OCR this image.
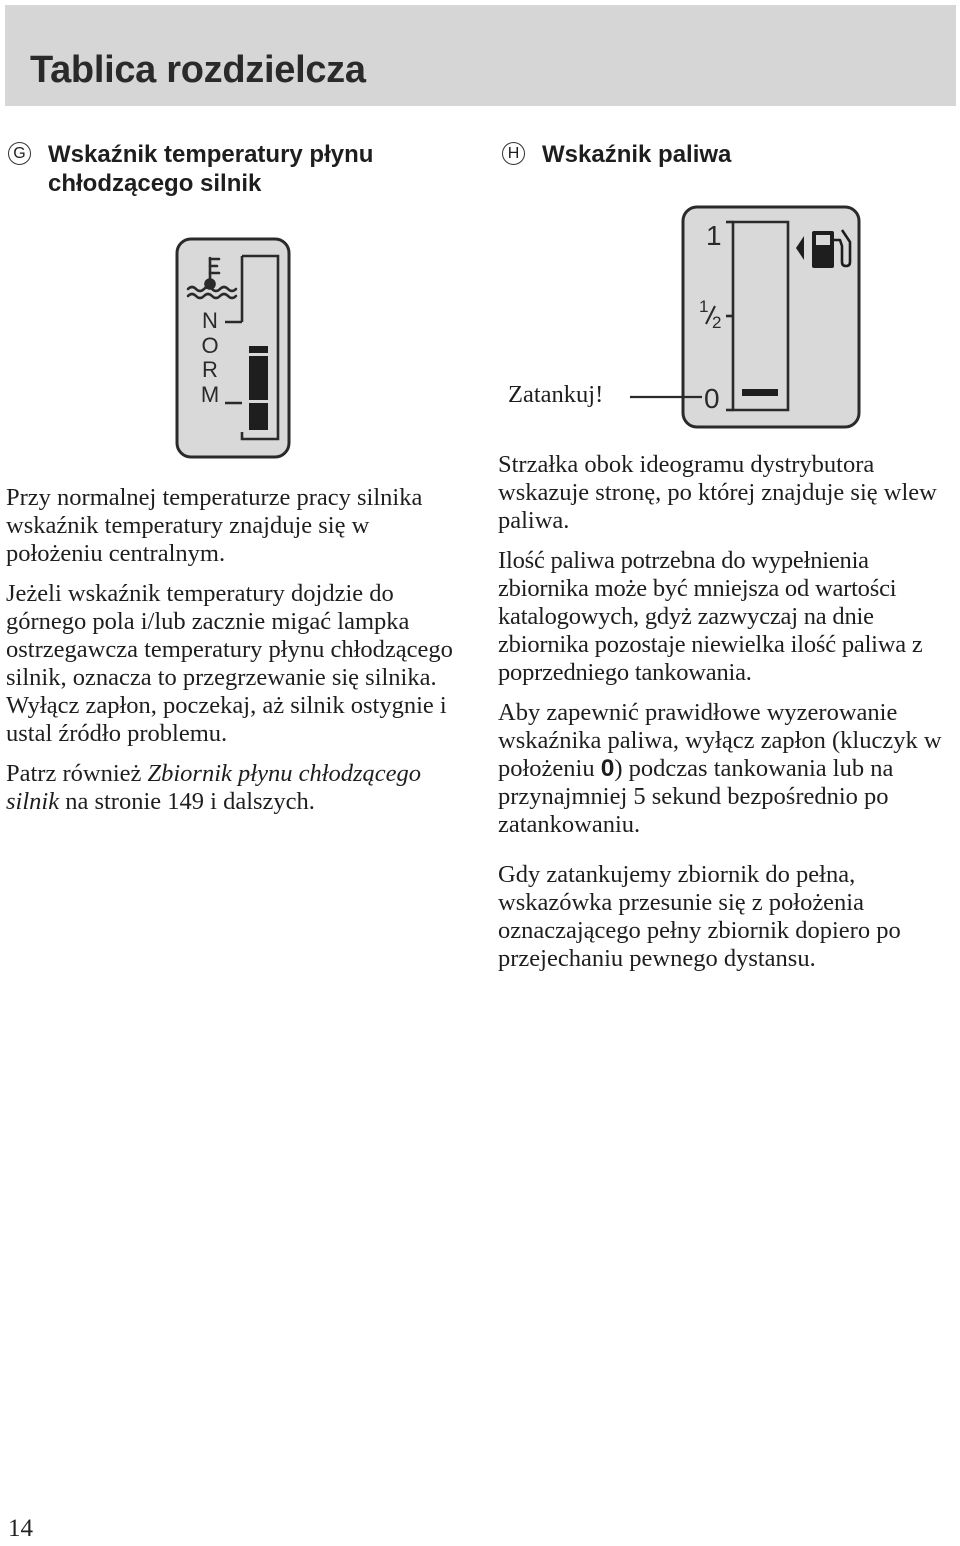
Tablica rozdzielcza
G Wskaźnik temperatury płynu
chłodzącego silnik
H Wskaźnik paliwa
N
O
R
M
1
1
2
0
Zatankuj!

Przy normalnej temperaturze pracy silnika wskaźnik temperatury znajduje się w położeniu centralnym.

Jeżeli wskaźnik temperatury dojdzie do górnego pola i/lub zacznie migać lampka ostrzegawcza temperatury płynu chłodzącego silnik, oznacza to przegrzewanie się silnika. Wyłącz zapłon, poczekaj, aż silnik ostygnie i ustal źródło problemu.

Patrz również Zbiornik płynu chłodzącego silnik na stronie 149 i dalszych.

Strzałka obok ideogramu dystrybutora wskazuje stronę, po której znajduje się wlew paliwa.

Ilość paliwa potrzebna do wypełnienia zbiornika może być mniejsza od wartości katalogowych, gdyż zazwyczaj na dnie zbiornika pozostaje niewielka ilość paliwa z poprzedniego tankowania.

Aby zapewnić prawidłowe wyzerowanie wskaźnika paliwa, wyłącz zapłon (kluczyk w położeniu 0) podczas tankowania lub na przynajmniej 5 sekund bezpośrednio po zatankowaniu.

Gdy zatankujemy zbiornik do pełna, wskazówka przesunie się z położenia oznaczającego pełny zbiornik dopiero po przejechaniu pewnego dystansu.

14
